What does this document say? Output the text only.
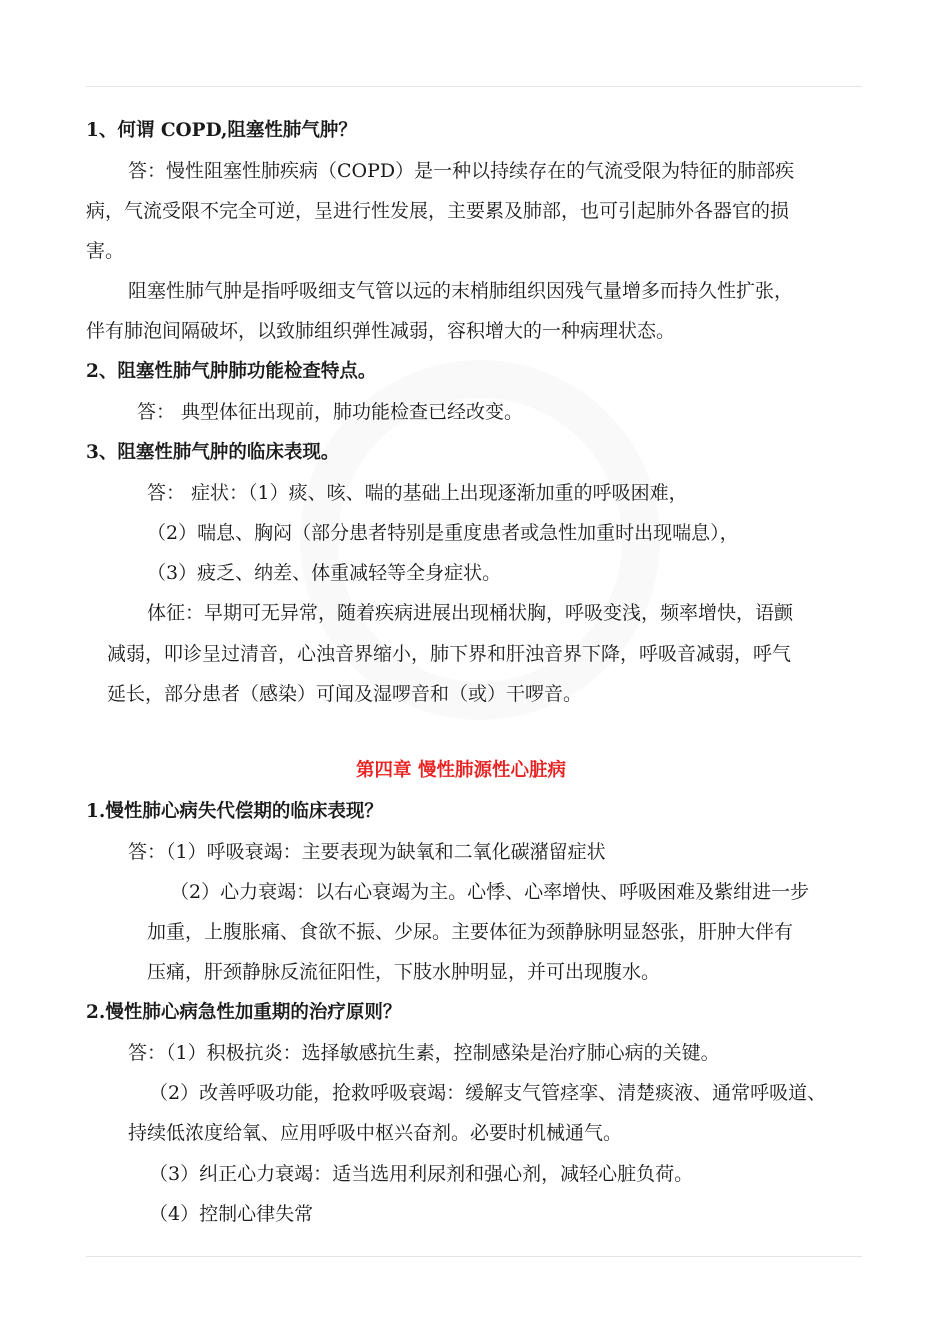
1、何谓 COPD,阻塞性肺气肿？
答：慢性阻塞性肺疾病（COPD）是一种以持续存在的气流受限为特征的肺部疾
病，气流受限不完全可逆，呈进行性发展，主要累及肺部，也可引起肺外各器官的损
害。
阻塞性肺气肿是指呼吸细支气管以远的末梢肺组织因残气量增多而持久性扩张，
伴有肺泡间隔破坏，以致肺组织弹性减弱，容积增大的一种病理状态。
2、阻塞性肺气肿肺功能检查特点。
答： 典型体征出现前，肺功能检查已经改变。
3、阻塞性肺气肿的临床表现。
答： 症状：（1）痰、咳、喘的基础上出现逐渐加重的呼吸困难，
（2）喘息、胸闷（部分患者特别是重度患者或急性加重时出现喘息），
（3）疲乏、纳差、体重减轻等全身症状。
体征：早期可无异常，随着疾病进展出现桶状胸，呼吸变浅，频率增快，语颤
减弱，叩诊呈过清音，心浊音界缩小，肺下界和肝浊音界下降，呼吸音减弱，呼气
延长，部分患者（感染）可闻及湿啰音和（或）干啰音。
第四章 慢性肺源性心脏病
1.慢性肺心病失代偿期的临床表现？
答：（1）呼吸衰竭：主要表现为缺氧和二氧化碳潴留症状
（2）心力衰竭：以右心衰竭为主。心悸、心率增快、呼吸困难及紫绀进一步
加重，上腹胀痛、食欲不振、少尿。主要体征为颈静脉明显怒张，肝肿大伴有
压痛，肝颈静脉反流征阳性，下肢水肿明显，并可出现腹水。
2.慢性肺心病急性加重期的治疗原则？
答：（1）积极抗炎：选择敏感抗生素，控制感染是治疗肺心病的关键。
（2）改善呼吸功能，抢救呼吸衰竭：缓解支气管痉挛、清楚痰液、通常呼吸道、
持续低浓度给氧、应用呼吸中枢兴奋剂。必要时机械通气。
（3）纠正心力衰竭：适当选用利尿剂和强心剂，减轻心脏负荷。
（4）控制心律失常
